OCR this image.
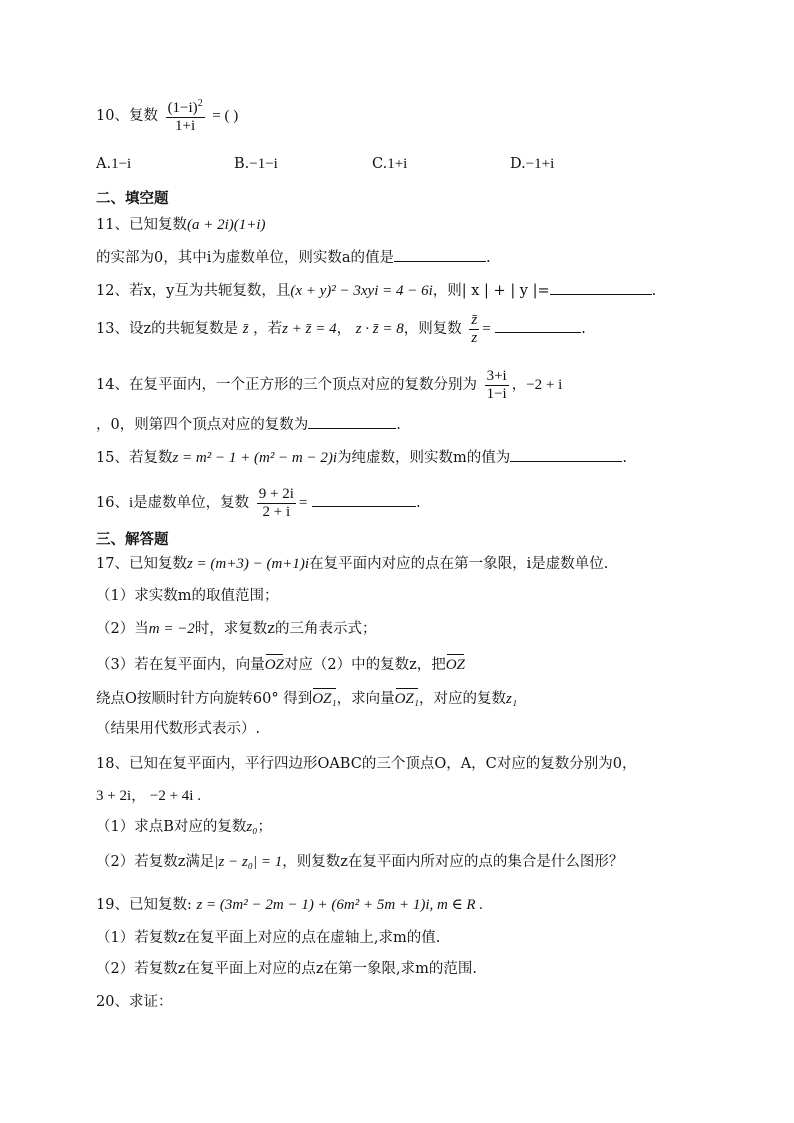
10、复数 $\frac{(1-i)^2}{1+i}$ = ( )
A.1−i	B.−1−i	C.1+i	D.−1+i
二、填空题
11、已知复数(a + 2i)(1+i)
的实部为0，其中i为虚数单位，则实数a的值是	.
12、若x，y互为共轭复数，且(x + y)² − 3xyi = 4 − 6i，则| x | + | y |=	.
13、设z的共轭复数是 z̄ ，若z + z̄ = 4， z · z̄ = 8，则复数 $\frac{z̄}{z}$ =	.
14、在复平面内，一个正方形的三个顶点对应的复数分别为 $\frac{3+i}{1-i}$ ，−2 + i
，0，则第四个顶点对应的复数为	.
15、若复数z = m² − 1 + (m² − m − 2)i为纯虚数，则实数m的值为	.
16、i是虚数单位，复数 $\frac{9 + 2i}{2 + i}$ =	.
三、解答题
17、已知复数z = (m+3) − (m+1)i在复平面内对应的点在第一象限，i是虚数单位.
（1）求实数m的取值范围；
（2）当m = −2时，求复数z的三角表示式；
（3）若在复平面内，向量OZ对应（2）中的复数z，把OZ
绕点O按顺时针方向旋转60° 得到OZ₁，求向量OZ₁，对应的复数z₁
（结果用代数形式表示）.
18、已知在复平面内，平行四边形OABC的三个顶点O，A，C对应的复数分别为0，
3 + 2i， −2 + 4i .
（1）求点B对应的复数z₀；
（2）若复数z满足|z − z₀| = 1，则复数z在复平面内所对应的点的集合是什么图形？
19、已知复数: z = (3m² − 2m − 1) + (6m² + 5m + 1)i, m ∈ R .
（1）若复数z在复平面上对应的点在虚轴上,求m的值.
（2）若复数z在复平面上对应的点z在第一象限,求m的范围.
20、求证：
